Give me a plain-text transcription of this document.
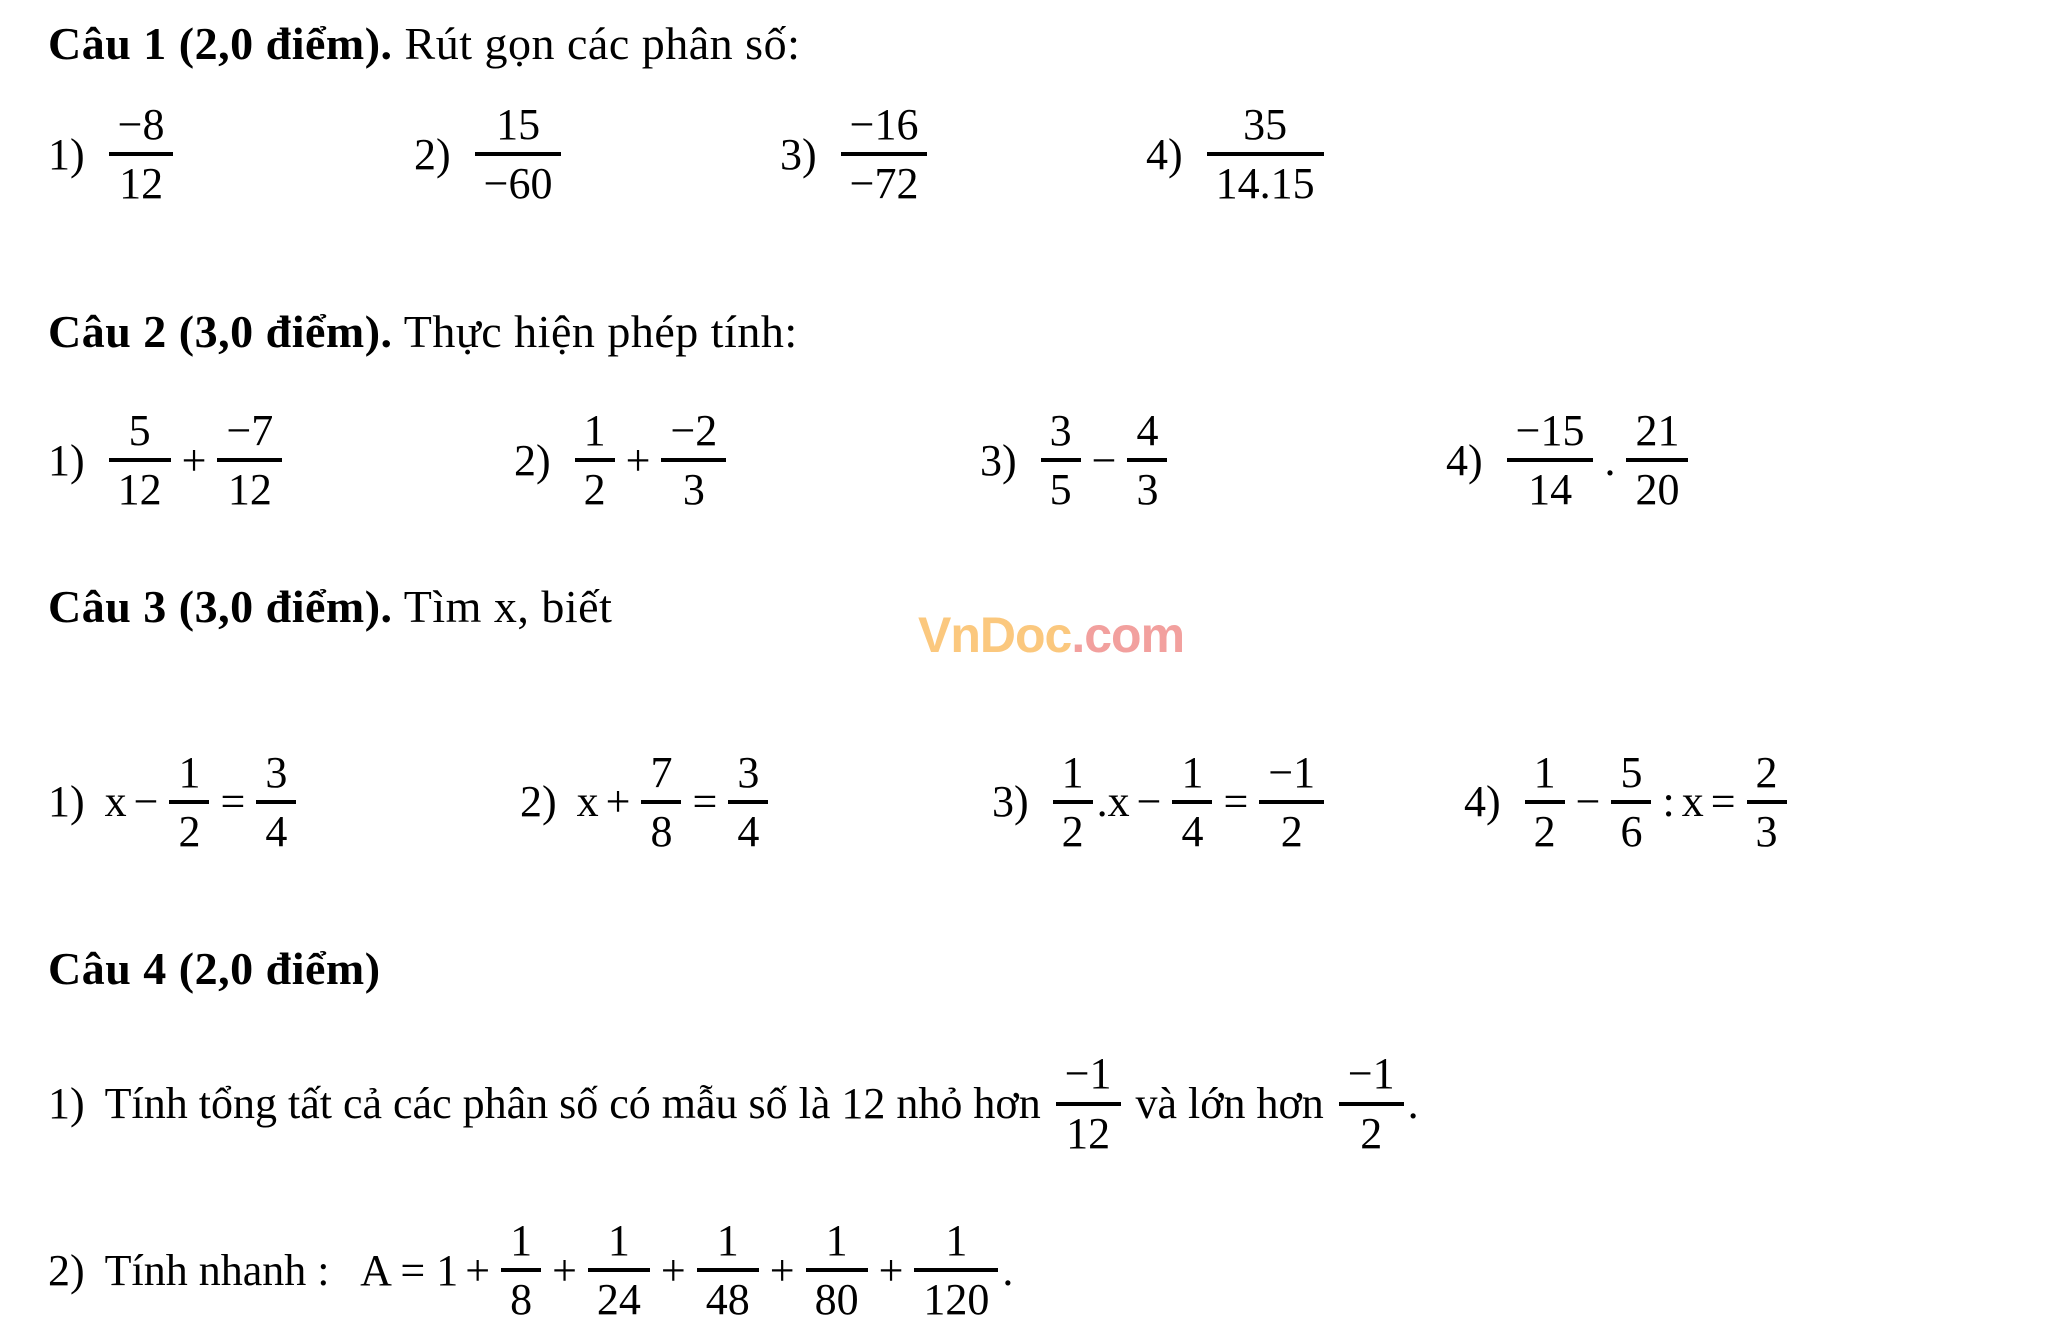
Câu 1 (2,0 điểm). Rút gọn các phân số:
$1) \frac{-8}{12}$	$2) \frac{15}{-60}$	$3) \frac{-16}{-72}$	$4) \frac{35}{14.15}$
Câu 2 (3,0 điểm). Thực hiện phép tính:
$1) \frac{5}{12} + \frac{-7}{12}$	$2) \frac{1}{2} + \frac{-2}{3}$	$3) \frac{3}{5} - \frac{4}{3}$	$4) \frac{-15}{14}$ . $\frac{21}{20}$
Câu 3 (3,0 điểm). Tìm x, biết
1) $x - \frac{1}{2} = \frac{3}{4}$	2) $x + \frac{7}{8} = \frac{3}{4}$	$3) \frac{1}{2} .x - \frac{1}{4} = \frac{-1}{2}$	$4) \frac{1}{2} - \frac{5}{6}$ : $x = \frac{2}{3}$
Câu 4 (2,0 điểm)
1) Tính tổng tất cả các phân số có mẫu số là 12 nhỏ hơn $\frac{-1}{12}$ và lớn hơn $\frac{-1}{2}$ .
2) Tính nhanh :   $A = 1 + \frac{1}{8} + \frac{1}{24} + \frac{1}{48} + \frac{1}{80} + \frac{1}{120}$ .
VnDoc.com
